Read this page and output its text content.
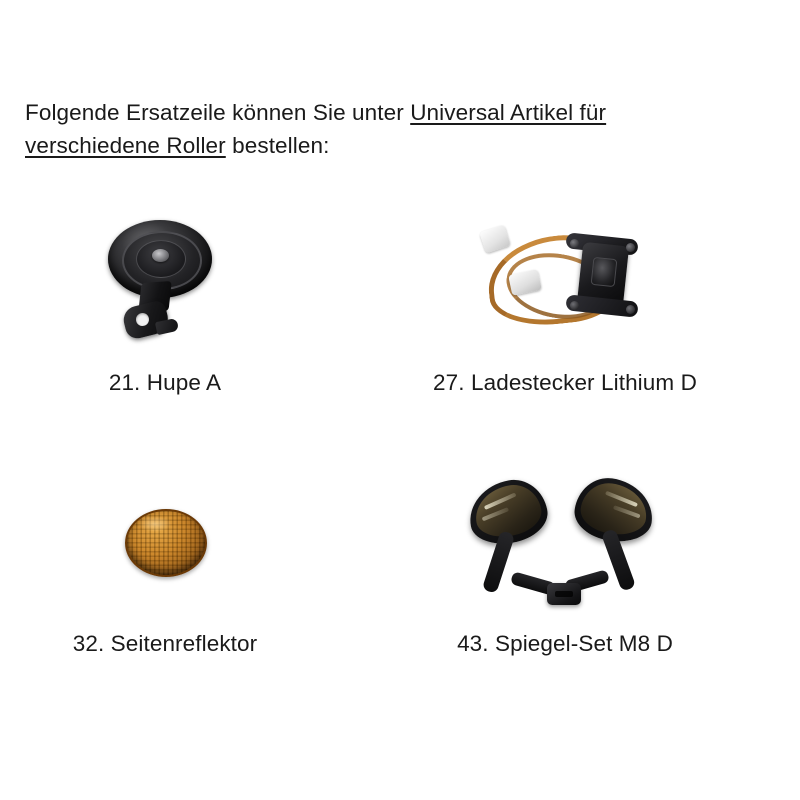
Folgende Ersatzeile können Sie unter Universal Artikel für
verschiedene Roller bestellen:
21. Hupe A	27. Ladestecker Lithium D
32. Seitenreflektor	43. Spiegel-Set M8 D
